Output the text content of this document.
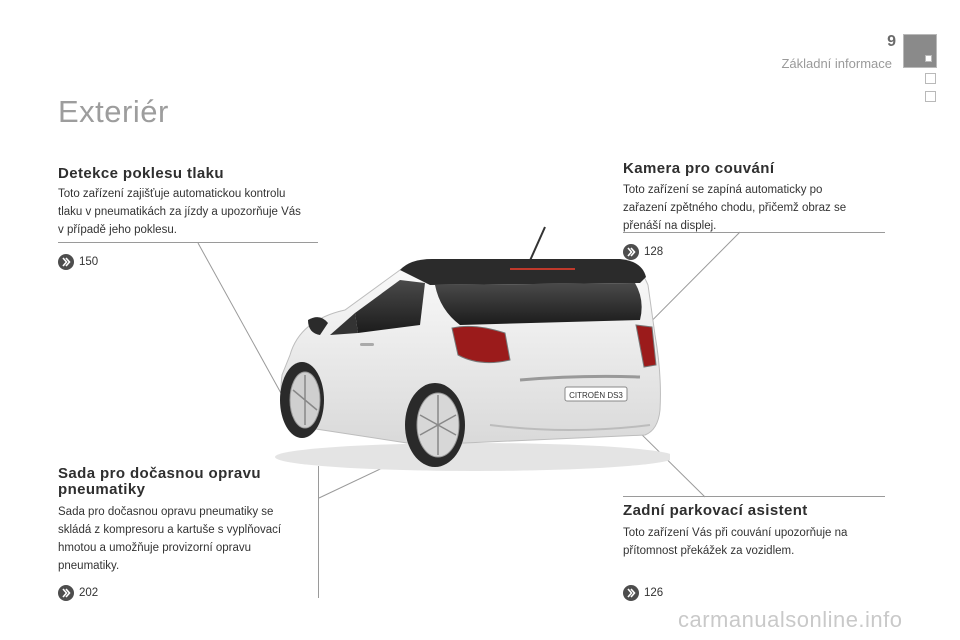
9
Základní informace
Exteriér
Detekce poklesu tlaku
Toto zařízení zajišťuje automatickou kontrolu
tlaku v pneumatikách za jízdy a upozorňuje Vás
v případě jeho poklesu.
150
Sada pro dočasnou opravu
pneumatiky
Sada pro dočasnou opravu pneumatiky se
skládá z kompresoru a kartuše s vyplňovací
hmotou a umožňuje provizorní opravu
pneumatiky.
202
Kamera pro couvání
Toto zařízení se zapíná automaticky po
zařazení zpětného chodu, přičemž obraz se
přenáší na displej.
128
Zadní parkovací asistent
Toto zařízení Vás při couvání upozorňuje na
přítomnost překážek za vozidlem.
126
CITROËN DS3
carmanualsonline.info
